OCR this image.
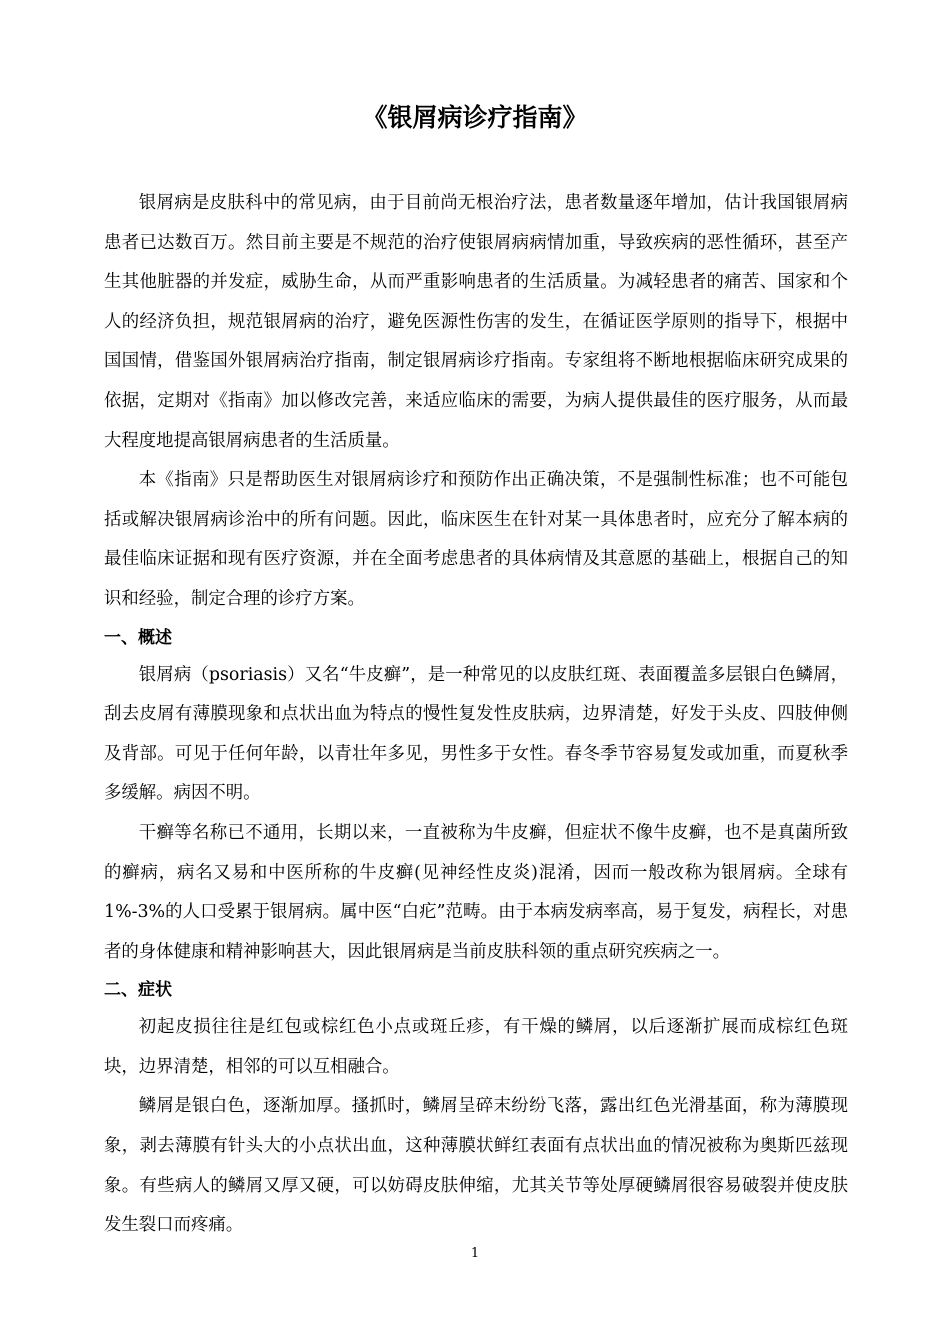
《银屑病诊疗指南》

银屑病是皮肤科中的常见病，由于目前尚无根治疗法，患者数量逐年增加，估计我国银屑病患者已达数百万。然目前主要是不规范的治疗使银屑病病情加重，导致疾病的恶性循环，甚至产生其他脏器的并发症，威胁生命，从而严重影响患者的生活质量。为减轻患者的痛苦、国家和个人的经济负担，规范银屑病的治疗，避免医源性伤害的发生，在循证医学原则的指导下，根据中国国情，借鉴国外银屑病治疗指南，制定银屑病诊疗指南。专家组将不断地根据临床研究成果的依据，定期对《指南》加以修改完善，来适应临床的需要，为病人提供最佳的医疗服务，从而最大程度地提高银屑病患者的生活质量。

本《指南》只是帮助医生对银屑病诊疗和预防作出正确决策，不是强制性标准；也不可能包括或解决银屑病诊治中的所有问题。因此，临床医生在针对某一具体患者时，应充分了解本病的最佳临床证据和现有医疗资源，并在全面考虑患者的具体病情及其意愿的基础上，根据自己的知识和经验，制定合理的诊疗方案。

一、概述

银屑病（psoriasis）又名“牛皮癣”，是一种常见的以皮肤红斑、表面覆盖多层银白色鳞屑，刮去皮屑有薄膜现象和点状出血为特点的慢性复发性皮肤病，边界清楚，好发于头皮、四肢伸侧及背部。可见于任何年龄，以青壮年多见，男性多于女性。春冬季节容易复发或加重，而夏秋季多缓解。病因不明。

干癣等名称已不通用，长期以来，一直被称为牛皮癣，但症状不像牛皮癣，也不是真菌所致的癣病，病名又易和中医所称的牛皮癣(见神经性皮炎)混淆，因而一般改称为银屑病。全球有 1%-3%的人口受累于银屑病。属中医“白疕”范畴。由于本病发病率高，易于复发，病程长，对患者的身体健康和精神影响甚大，因此银屑病是当前皮肤科领的重点研究疾病之一。

二、症状

初起皮损往往是红包或棕红色小点或斑丘疹，有干燥的鳞屑，以后逐渐扩展而成棕红色斑块，边界清楚，相邻的可以互相融合。

鳞屑是银白色，逐渐加厚。搔抓时，鳞屑呈碎末纷纷飞落，露出红色光滑基面，称为薄膜现象，剥去薄膜有针头大的小点状出血，这种薄膜状鲜红表面有点状出血的情况被称为奥斯匹兹现象。有些病人的鳞屑又厚又硬，可以妨碍皮肤伸缩，尤其关节等处厚硬鳞屑很容易破裂并使皮肤发生裂口而疼痛。

1
